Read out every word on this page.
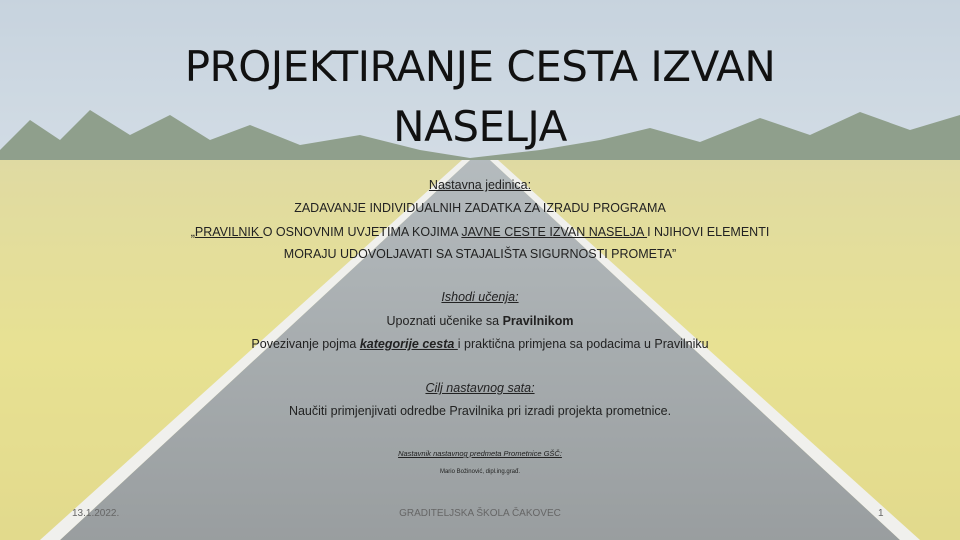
PROJEKTIRANJE CESTA IZVAN
NASELJA
Nastavna jedinica:
ZADAVANJE INDIVIDUALNIH ZADATKA ZA IZRADU PROGRAMA
„PRAVILNIK O OSNOVNIM UVJETIMA KOJIMA JAVNE CESTE IZVAN NASELJA I NJIHOVI ELEMENTI
MORAJU UDOVOLJAVATI SA STAJALIŠTA SIGURNOSTI PROMETA”
Ishodi učenja:
Upoznati učenike sa Pravilnikom
Povezivanje pojma kategorije cesta i praktična primjena sa podacima u Pravilniku
Cilj nastavnog sata:
Naučiti primjenjivati odredbe Pravilnika pri izradi projekta prometnice.
Nastavnik nastavnog predmeta Prometnice GŠČ:
Mario Božinović, dipl.ing.građ.
13.1.2022.	GRADITELJSKA ŠKOLA ČAKOVEC	1
